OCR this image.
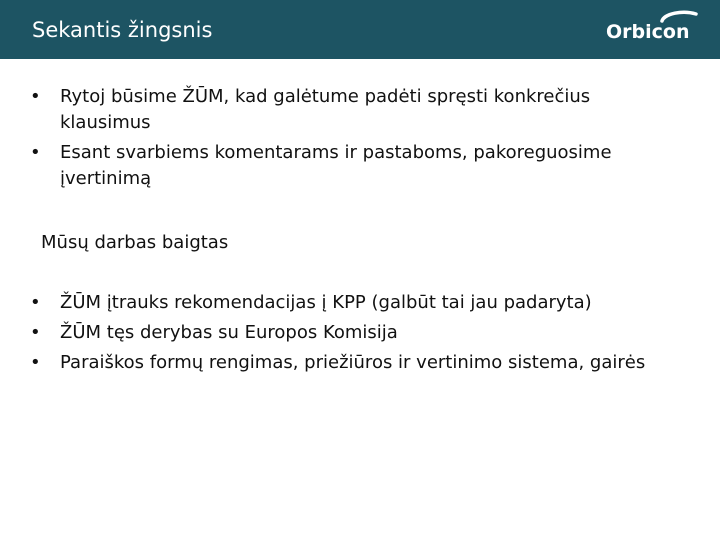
Sekantis žingsnis	Orbicon
•	Rytoj būsime ŽŪM, kad galėtume padėti spręsti konkrečius klausimus
•	Esant svarbiems komentarams ir pastaboms, pakoreguosime įvertinimą
Mūsų darbas baigtas
•	ŽŪM įtrauks rekomendacijas į KPP (galbūt tai jau padaryta)
•	ŽŪM tęs derybas su Europos Komisija
•	Paraiškos formų rengimas, priežiūros ir vertinimo sistema, gairės
